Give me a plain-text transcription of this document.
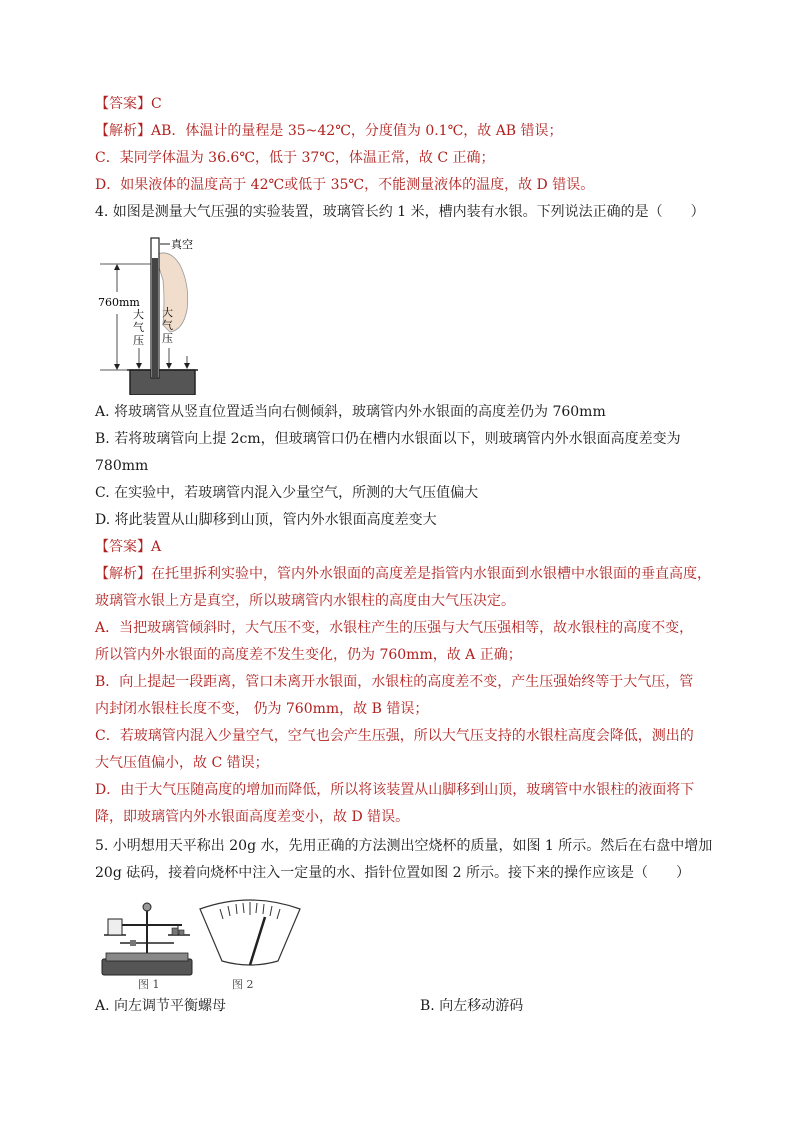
【答案】C
【解析】AB．体温计的量程是 35~42℃，分度值为 0.1℃，故 AB 错误；
C．某同学体温为 36.6℃，低于 37℃，体温正常，故 C 正确；
D．如果液体的温度高于 42℃或低于 35℃，不能测量液体的温度，故 D 错误。
4. 如图是测量大气压强的实验装置，玻璃管长约 1 米，槽内装有水银。下列说法正确的是（　　）
真空
760mm
大
气
压
大
气
压
A. 将玻璃管从竖直位置适当向右侧倾斜，玻璃管内外水银面的高度差仍为 760mm
B. 若将玻璃管向上提 2cm，但玻璃管口仍在槽内水银面以下，则玻璃管内外水银面高度差变为
780mm
C. 在实验中，若玻璃管内混入少量空气，所测的大气压值偏大
D. 将此装置从山脚移到山顶，管内外水银面高度差变大
【答案】A
【解析】在托里拆利实验中，管内外水银面的高度差是指管内水银面到水银槽中水银面的垂直高度，
玻璃管水银上方是真空，所以玻璃管内水银柱的高度由大气压决定。
A．当把玻璃管倾斜时，大气压不变，水银柱产生的压强与大气压强相等，故水银柱的高度不变，
所以管内外水银面的高度差不发生变化，仍为 760mm，故 A 正确；
B．向上提起一段距离，管口未离开水银面，水银柱的高度差不变，产生压强始终等于大气压，管
内封闭水银柱长度不变， 仍为 760mm，故 B 错误；
C．若玻璃管内混入少量空气，空气也会产生压强，所以大气压支持的水银柱高度会降低，测出的
大气压值偏小，故 C 错误；
D．由于大气压随高度的增加而降低，所以将该装置从山脚移到山顶，玻璃管中水银柱的液面将下
降，即玻璃管内外水银面高度差变小，故 D 错误。
5. 小明想用天平称出 20g 水，先用正确的方法测出空烧杯的质量，如图 1 所示。然后在右盘中增加
20g 砝码，接着向烧杯中注入一定量的水、指针位置如图 2 所示。接下来的操作应该是（　　）
图 1	图 2
A. 向左调节平衡螺母	B. 向左移动游码
